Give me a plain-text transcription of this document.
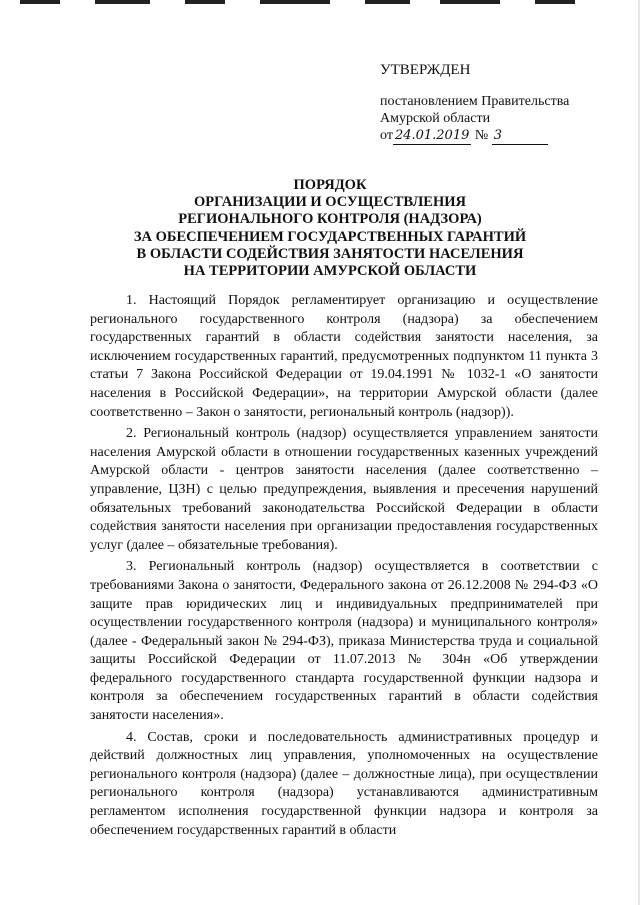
УТВЕРЖДЕН
постановлением Правительства
Амурской области
от 24.01.2019 № 3
ПОРЯДОК
ОРГАНИЗАЦИИ И ОСУЩЕСТВЛЕНИЯ
РЕГИОНАЛЬНОГО КОНТРОЛЯ (НАДЗОРА)
ЗА ОБЕСПЕЧЕНИЕМ ГОСУДАРСТВЕННЫХ ГАРАНТИЙ
В ОБЛАСТИ СОДЕЙСТВИЯ ЗАНЯТОСТИ НАСЕЛЕНИЯ
НА ТЕРРИТОРИИ АМУРСКОЙ ОБЛАСТИ

1. Настоящий Порядок регламентирует организацию и осуществление регионального государственного контроля (надзора) за обеспечением государственных гарантий в области содействия занятости населения, за исключением государственных гарантий, предусмотренных подпунктом 11 пункта 3 статьи 7 Закона Российской Федерации от 19.04.1991 № 1032-1 «О занятости населения в Российской Федерации», на территории Амурской области (далее соответственно – Закон о занятости, региональный контроль (надзор)).

2. Региональный контроль (надзор) осуществляется управлением занятости населения Амурской области в отношении государственных казенных учреждений Амурской области - центров занятости населения (далее соответственно – управление, ЦЗН) с целью предупреждения, выявления и пресечения нарушений обязательных требований законодательства Российской Федерации в области содействия занятости населения при организации предоставления государственных услуг (далее – обязательные требования).

3. Региональный контроль (надзор) осуществляется в соответствии с требованиями Закона о занятости, Федерального закона от 26.12.2008 № 294-ФЗ «О защите прав юридических лиц и индивидуальных предпринимателей при осуществлении государственного контроля (надзора) и муниципального контроля» (далее - Федеральный закон № 294-ФЗ), приказа Министерства труда и социальной защиты Российской Федерации от 11.07.2013 № 304н «Об утверждении федерального государственного стандарта государственной функции надзора и контроля за обеспечением государственных гарантий в области содействия занятости населения».

4. Состав, сроки и последовательность административных процедур и действий должностных лиц управления, уполномоченных на осуществление регионального контроля (надзора) (далее – должностные лица), при осуществлении регионального контроля (надзора) устанавливаются административным регламентом исполнения государственной функции надзора и контроля за обеспечением государственных гарантий в области
